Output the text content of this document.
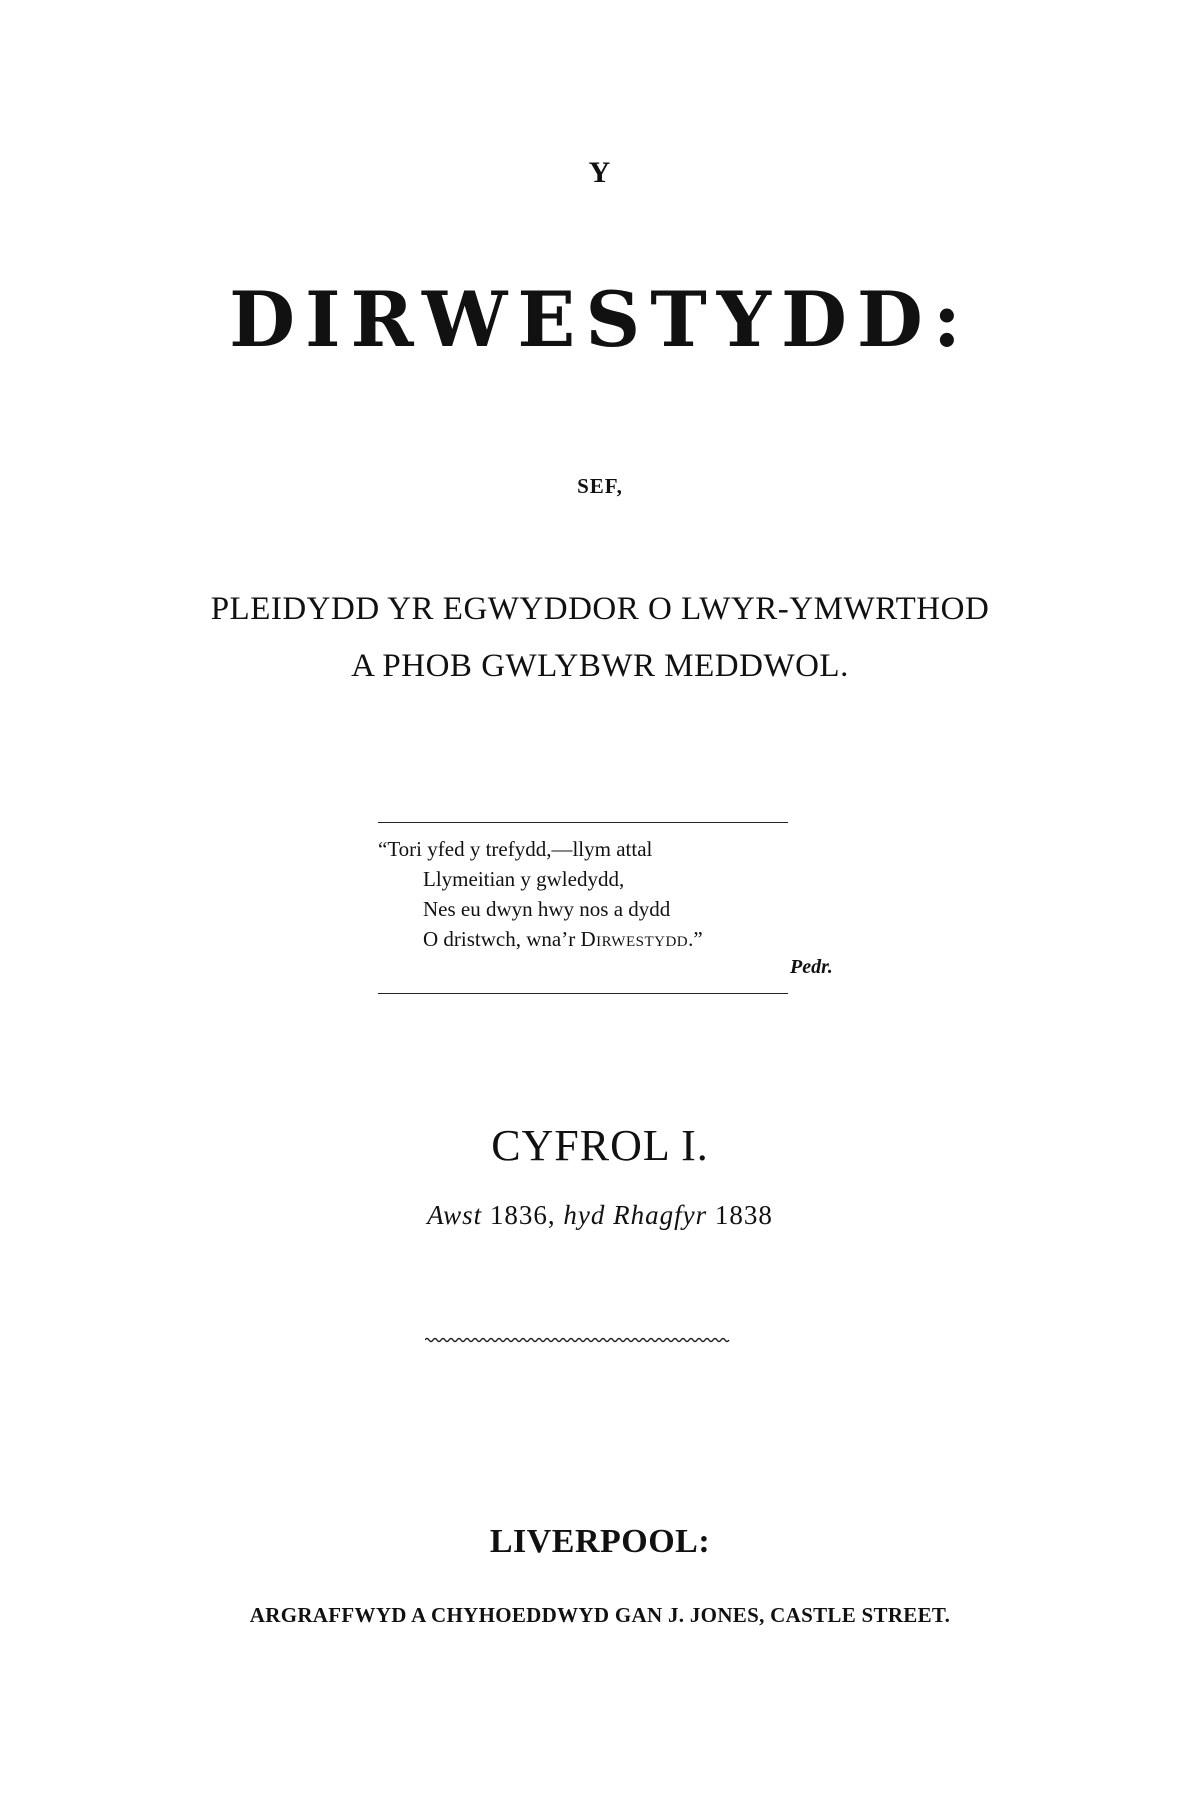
Y
DIRWESTYDD:
SEF,
PLEIDYDD YR EGWYDDOR O LWYR-YMWRTHOD
A PHOB GWLYBWR MEDDWOL.
“Tori yfed y trefydd,—llym attal
Llymeitian y gwledydd,
Nes eu dwyn hwy nos a dydd
O dristwch, wna’r Dirwestydd.”
Pedr.
CYFROL I.
Awst 1836, hyd Rhagfyr 1838
LIVERPOOL:
ARGRAFFWYD A CHYHOEDDWYD GAN J. JONES, CASTLE STREET.
